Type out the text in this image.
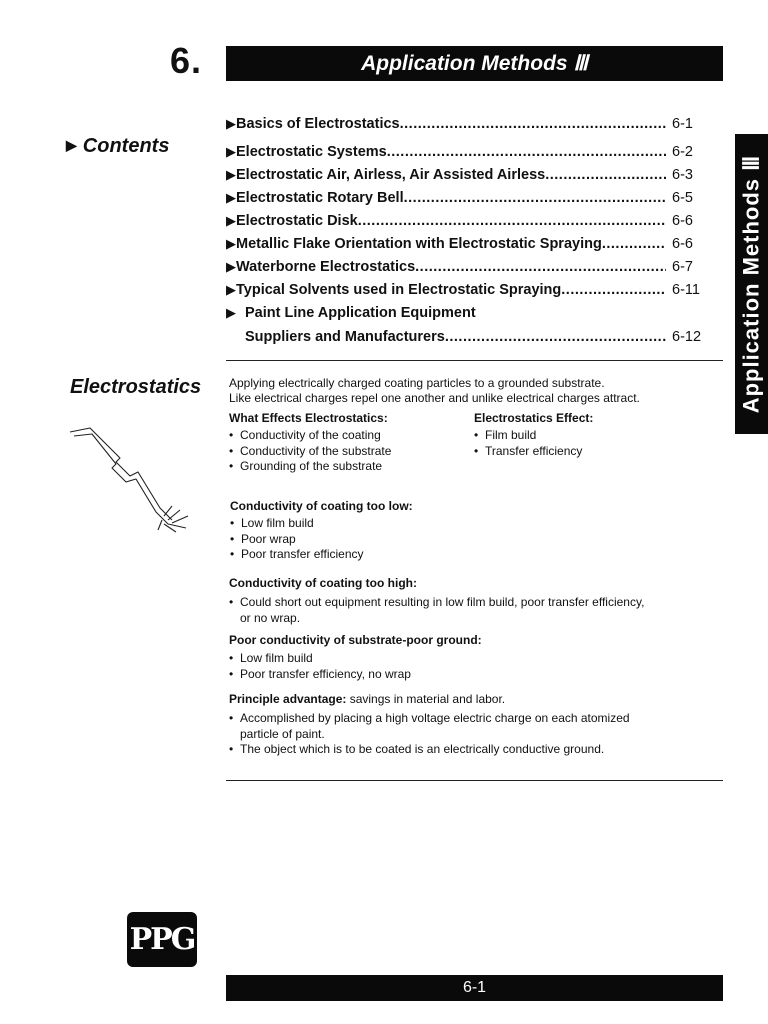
6.	Application Methods Ⅲ
Application Methods Ⅲ
▶ Contents
▶ Basics of Electrostatics .....	6-1
▶ Electrostatic Systems .....	6-2
▶ Electrostatic Air, Airless, Air Assisted Airless .....	6-3
▶ Electrostatic Rotary Bell .....	6-5
▶ Electrostatic Disk .....	6-6
▶ Metallic Flake Orientation with Electrostatic Spraying .....	6-6
▶ Waterborne Electrostatics .....	6-7
▶ Typical Solvents used in Electrostatic Spraying .....	6-11
▶ Paint Line Application Equipment
Suppliers and Manufacturers .....	6-12
Electrostatics Applying electrically charged coating particles to a grounded substrate.
Like electrical charges repel one another and unlike electrical charges attract.
What Effects Electrostatics:
• Conductivity of the coating
• Conductivity of the substrate
• Grounding of the substrate
Electrostatics Effect:
• Film build
• Transfer efficiency
Conductivity of coating too low:
• Low film build
• Poor wrap
• Poor transfer efficiency
Conductivity of coating too high:
• Could short out equipment resulting in low film build, poor transfer efficiency,
or no wrap.
Poor conductivity of substrate-poor ground:
• Low film build
• Poor transfer efficiency, no wrap
Principle advantage: savings in material and labor.
• Accomplished by placing a high voltage electric charge on each atomized
particle of paint.
• The object which is to be coated is an electrically conductive ground.
PPG
6-1
